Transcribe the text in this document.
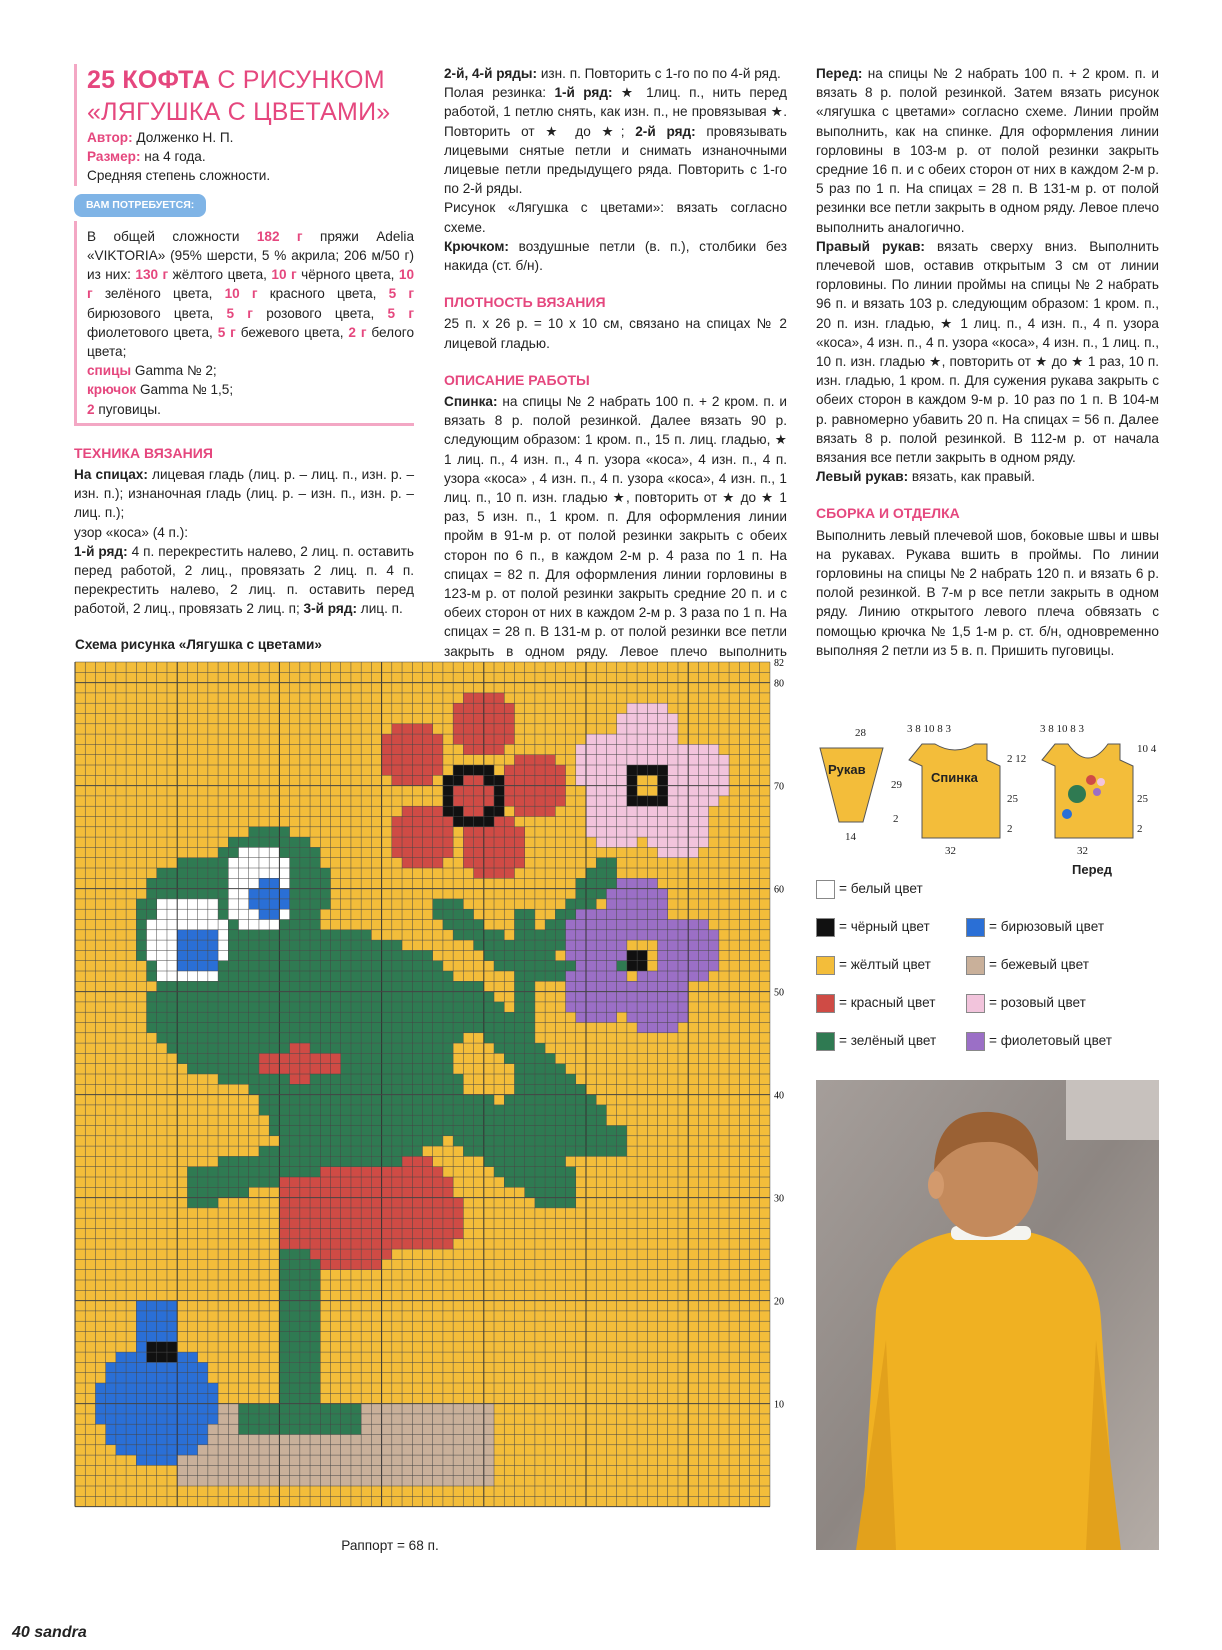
25 КОФТА С РИСУНКОМ
«ЛЯГУШКА С ЦВЕТАМИ»

Автор: Долженко Н. П.

Размер: на 4 года.

Средняя степень сложности.

ВАМ ПОТРЕБУЕТСЯ:

В общей сложности 182 г пряжи Adelia «VIKTORIA» (95% шерсти, 5 % акрила; 206 м/50 г) из них: 130 г жёлтого цвета, 10 г чёрного цвета, 10 г зелёного цвета, 10 г красного цвета, 5 г бирюзового цвета, 5 г розового цвета, 5 г фиолетового цвета, 5 г бежевого цвета, 2 г белого цвета;

спицы Gamma № 2;

крючок Gamma № 1,5;

2 пуговицы.

ТЕХНИКА ВЯЗАНИЯ

На спицах: лицевая гладь (лиц. р. – лиц. п., изн. р. – изн. п.); изнаночная гладь (лиц. р. – изн. п., изн. р. – лиц. п.);

узор «коса» (4 п.):

1-й ряд: 4 п. перекрестить налево, 2 лиц. п. оставить перед работой, 2 лиц., провязать 2 лиц. п. 4 п. перекрестить налево, 2 лиц. п. оставить перед работой, 2 лиц., провязать 2 лиц. п; 3-й ряд: лиц. п.

2-й, 4-й ряды: изн. п. Повторить с 1-го по по 4-й ряд.

Полая резинка: 1-й ряд: ★ 1лиц. п., нить перед работой, 1 петлю снять, как изн. п., не провязывая ★. Повторить от ★ до ★; 2-й ряд: провязывать лицевыми снятые петли и снимать изнаночными лицевые петли предыдущего ряда. Повторить с 1-го по 2-й ряды.

Рисунок «Лягушка с цветами»: вязать согласно схеме.

Крючком: воздушные петли (в. п.), столбики без накида (ст. б/н).

ПЛОТНОСТЬ ВЯЗАНИЯ

25 п. х 26 р. = 10 х 10 см, связано на спицах № 2 лицевой гладью.

ОПИСАНИЕ РАБОТЫ

Спинка: на спицы № 2 набрать 100 п. + 2 кром. п. и вязать 8 р. полой резинкой. Далее вязать 90 р. следующим образом: 1 кром. п., 15 п. лиц. гладью, ★ 1 лиц. п., 4 изн. п., 4 п. узора «коса», 4 изн. п., 4 п. узора «коса» , 4 изн. п., 4 п. узора «коса», 4 изн. п., 1 лиц. п., 10 п. изн. гладью ★, повторить от ★ до ★ 1 раз, 5 изн. п., 1 кром. п. Для оформления линии пройм в 91-м р. от полой резинки закрыть с обеих сторон по 6 п., в каждом 2-м р. 4 раза по 1 п. На спицах = 82 п. Для оформления линии горловины в 123-м р. от полой резинки закрыть средние 20 п. и с обеих сторон от них в каждом 2-м р. 3 раза по 1 п. На спицах = 28 п. В 131-м р. от полой резинки все петли закрыть в одном ряду. Левое плечо выполнить

Перед: на спицы № 2 набрать 100 п. + 2 кром. п. и вязать 8 р. полой резинкой. Затем вязать рисунок «лягушка с цветами» согласно схеме. Линии пройм выполнить, как на спинке. Для оформления линии горловины в 103-м р. от полой резинки закрыть средние 16 п. и с обеих сторон от них в каждом 2-м р. 5 раз по 1 п. На спицах = 28 п. В 131-м р. от полой резинки все петли закрыть в одном ряду. Левое плечо выполнить аналогично.

Правый рукав: вязать сверху вниз. Выполнить плечевой шов, оставив открытым 3 см от линии горловины. По линии проймы на спицы № 2 набрать 96 п. и вязать 103 р. следующим образом: 1 кром. п., 20 п. изн. гладью, ★ 1 лиц. п., 4 изн. п., 4 п. узора «коса», 4 изн. п., 4 п. узора «коса», 4 изн. п., 1 лиц. п., 10 п. изн. гладью ★, повторить от ★ до ★ 1 раз, 10 п. изн. гладью, 1 кром. п. Для сужения рукава закрыть с обеих сторон в каждом 9-м р. 10 раз по 1 п. В 104-м р. равномерно убавить 20 п. На спицах = 56 п. Далее вязать 8 р. полой резинкой. В 112-м р. от начала вязания все петли закрыть в одном ряду.

Левый рукав: вязать, как правый.

СБОРКА И ОТДЕЛКА

Выполнить левый плечевой шов, боковые швы и швы на рукавах. Рукава вшить в проймы. По линии горловины на спицы № 2 набрать 120 п. и вязать 6 р. полой резинкой. В 7-м р все петли закрыть в одном ряду. Линию открытого левого плеча обвязать с помощью крючка № 1,5 1-м р. ст. б/н, одновременно выполняя 2 петли из 5 в. п. Пришить пуговицы.

Схема рисунка «Лягушка с цветами»
82
80
70
60
50
40
30
20
10
Раппорт = 68 п.
28
Рукав
14
29
2
3 8 10 8 3
Спинка
32
2 12
25
2
3 8 10 8 3
32
10 4
25
2
Перед
= белый цвет
= чёрный цвет	= бирюзовый цвет
= жёлтый цвет	= бежевый цвет
= красный цвет	= розовый цвет
= зелёный цвет	= фиолетовый цвет
40 sandra
